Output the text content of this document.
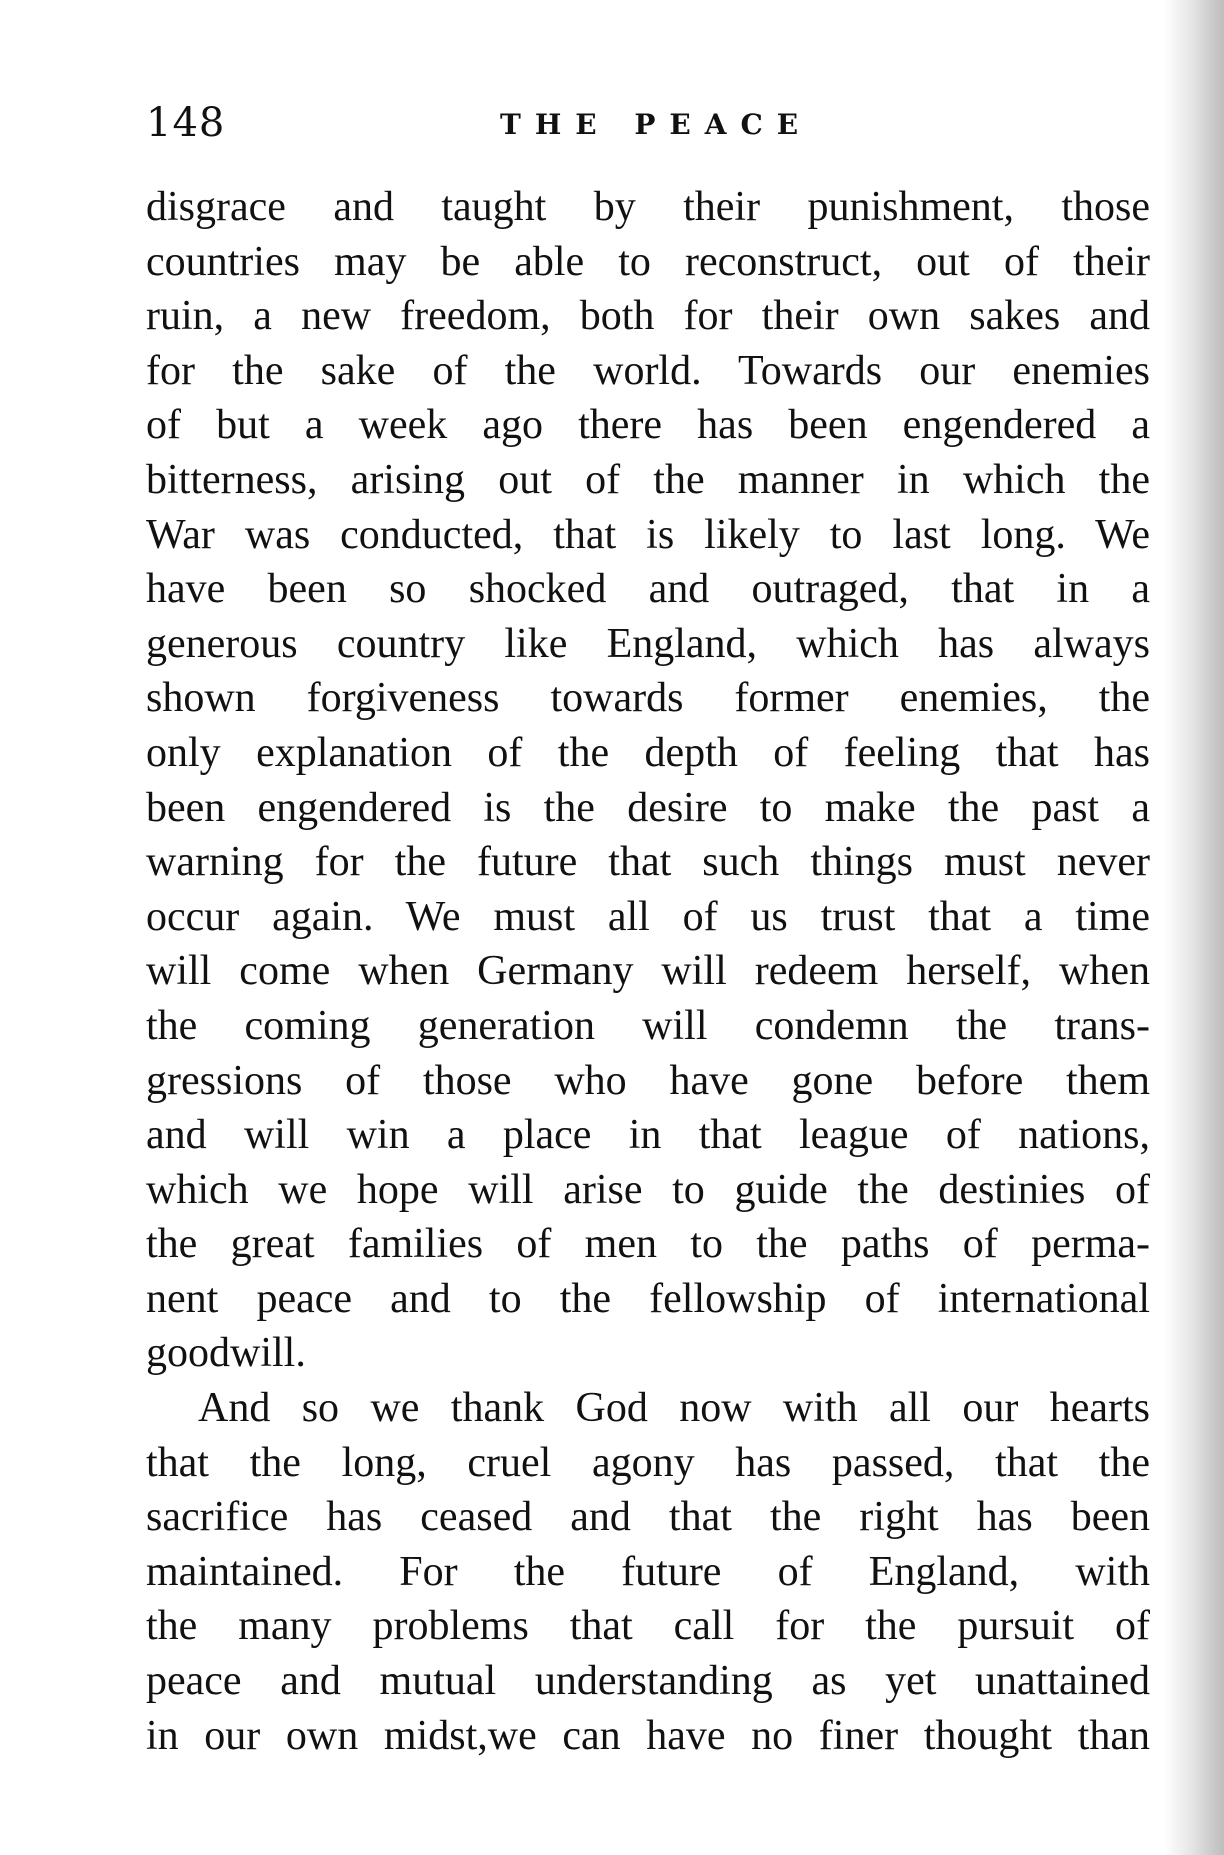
148	THE PEACE
disgrace and taught by their punishment, those
countries may be able to reconstruct, out of their
ruin, a new freedom, both for their own sakes and
for the sake of the world. Towards our enemies
of but a week ago there has been engendered a
bitterness, arising out of the manner in which the
War was conducted, that is likely to last long. We
have been so shocked and outraged, that in a
generous country like England, which has always
shown forgiveness towards former enemies, the
only explanation of the depth of feeling that has
been engendered is the desire to make the past a
warning for the future that such things must never
occur again. We must all of us trust that a time
will come when Germany will redeem herself, when
the coming generation will condemn the trans-
gressions of those who have gone before them
and will win a place in that league of nations,
which we hope will arise to guide the destinies of
the great families of men to the paths of perma-
nent peace and to the fellowship of international
goodwill.
And so we thank God now with all our hearts
that the long, cruel agony has passed, that the
sacrifice has ceased and that the right has been
maintained. For the future of England, with
the many problems that call for the pursuit of
peace and mutual understanding as yet unattained
in our own midst,we can have no finer thought than
